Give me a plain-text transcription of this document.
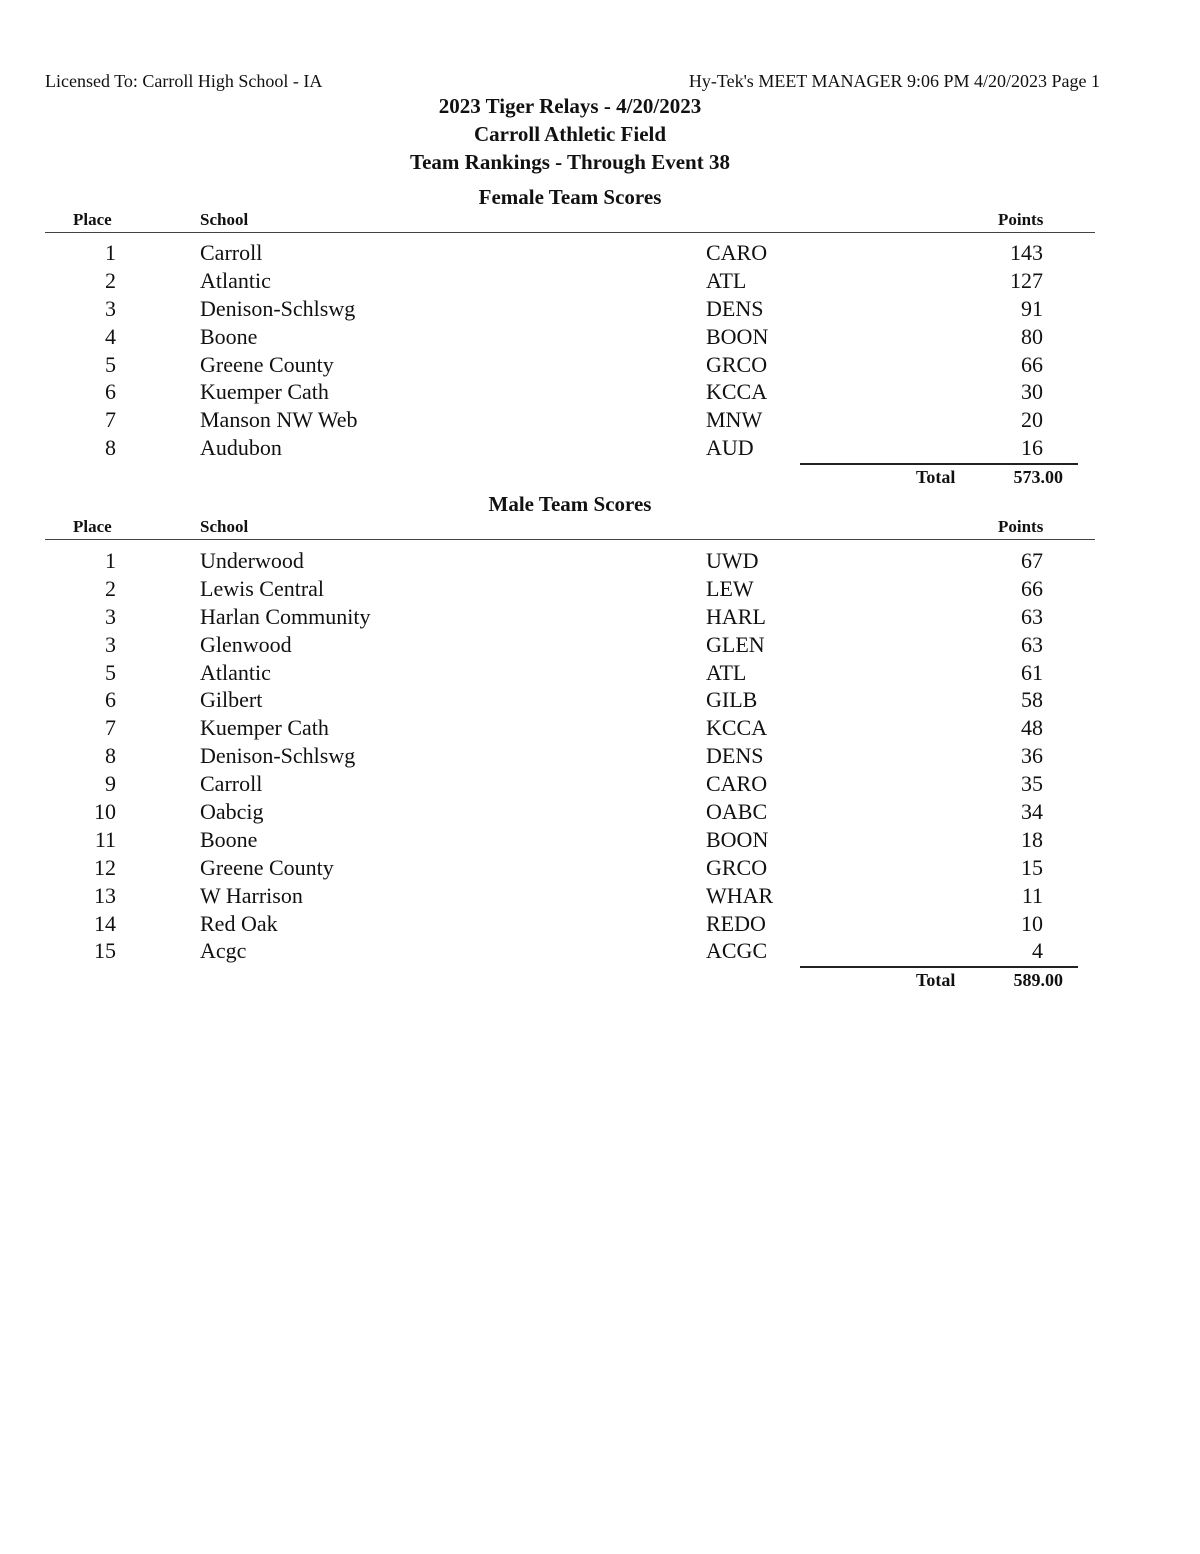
Licensed To: Carroll High School - IA	Hy-Tek's MEET MANAGER 9:06 PM 4/20/2023 Page 1
2023 Tiger Relays - 4/20/2023
Carroll Athletic Field
Team Rankings - Through Event 38
Female Team Scores
Place	School	Points
1	Carroll	CARO	143
2	Atlantic	ATL	127
3	Denison-Schlswg	DENS	91
4	Boone	BOON	80
5	Greene County	GRCO	66
6	Kuemper Cath	KCCA	30
7	Manson NW Web	MNW	20
8	Audubon	AUD	16
Total	573.00
Male Team Scores
Place	School	Points
1	Underwood	UWD	67
2	Lewis Central	LEW	66
3	Harlan Community	HARL	63
3	Glenwood	GLEN	63
5	Atlantic	ATL	61
6	Gilbert	GILB	58
7	Kuemper Cath	KCCA	48
8	Denison-Schlswg	DENS	36
9	Carroll	CARO	35
10	Oabcig	OABC	34
11	Boone	BOON	18
12	Greene County	GRCO	15
13	W Harrison	WHAR	11
14	Red Oak	REDO	10
15	Acgc	ACGC	4
Total	589.00
